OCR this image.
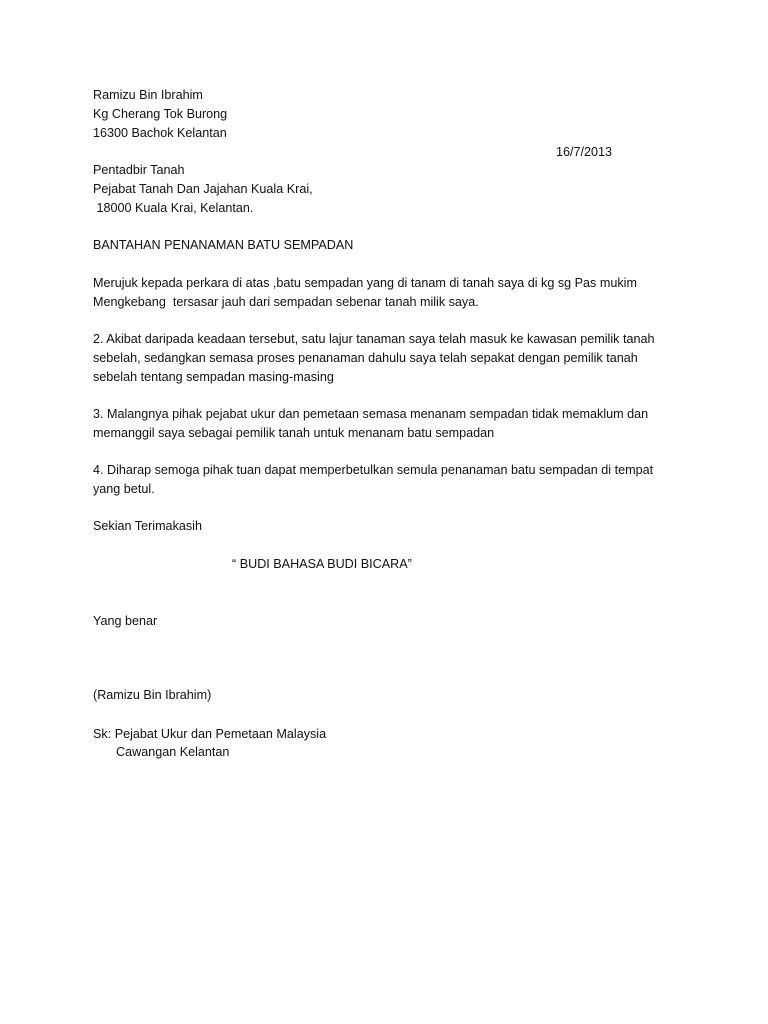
Ramizu Bin Ibrahim
Kg Cherang Tok Burong
16300 Bachok Kelantan
16/7/2013
Pentadbir Tanah
Pejabat Tanah Dan Jajahan Kuala Krai,
18000 Kuala Krai, Kelantan.
BANTAHAN PENANAMAN BATU SEMPADAN
Merujuk kepada perkara di atas ,batu sempadan yang di tanam di tanah saya di kg sg Pas mukim
Mengkebang  tersasar jauh dari sempadan sebenar tanah milik saya.
2. Akibat daripada keadaan tersebut, satu lajur tanaman saya telah masuk ke kawasan pemilik tanah
sebelah, sedangkan semasa proses penanaman dahulu saya telah sepakat dengan pemilik tanah
sebelah tentang sempadan masing-masing
3. Malangnya pihak pejabat ukur dan pemetaan semasa menanam sempadan tidak memaklum dan
memanggil saya sebagai pemilik tanah untuk menanam batu sempadan
4. Diharap semoga pihak tuan dapat memperbetulkan semula penanaman batu sempadan di tempat
yang betul.
Sekian Terimakasih
“ BUDI BAHASA BUDI BICARA”
Yang benar
(Ramizu Bin Ibrahim)
Sk: Pejabat Ukur dan Pemetaan Malaysia
Cawangan Kelantan
